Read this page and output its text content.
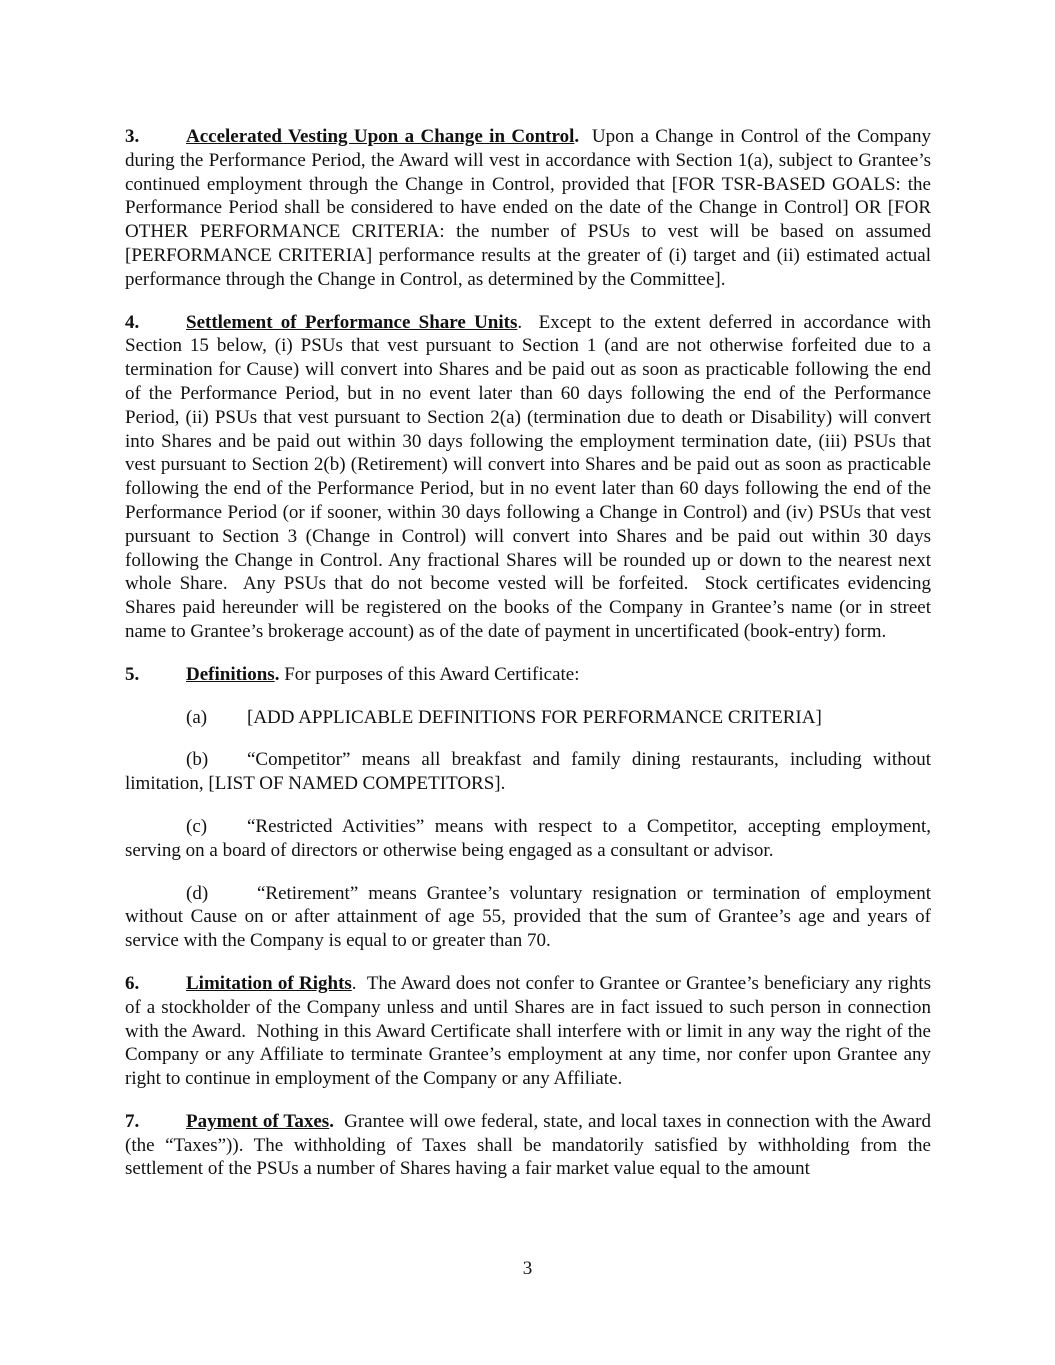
3. Accelerated Vesting Upon a Change in Control.  Upon a Change in Control of the Company during the Performance Period, the Award will vest in accordance with Section 1(a), subject to Grantee’s continued employment through the Change in Control, provided that [FOR TSR-BASED GOALS: the Performance Period shall be considered to have ended on the date of the Change in Control] OR [FOR OTHER PERFORMANCE CRITERIA: the number of PSUs to vest will be based on assumed [PERFORMANCE CRITERIA] performance results at the greater of (i) target and (ii) estimated actual performance through the Change in Control, as determined by the Committee].

4. Settlement of Performance Share Units.  Except to the extent deferred in accordance with Section 15 below, (i) PSUs that vest pursuant to Section 1 (and are not otherwise forfeited due to a termination for Cause) will convert into Shares and be paid out as soon as practicable following the end of the Performance Period, but in no event later than 60 days following the end of the Performance Period, (ii) PSUs that vest pursuant to Section 2(a) (termination due to death or Disability) will convert into Shares and be paid out within 30 days following the employment termination date, (iii) PSUs that vest pursuant to Section 2(b) (Retirement) will convert into Shares and be paid out as soon as practicable following the end of the Performance Period, but in no event later than 60 days following the end of the Performance Period (or if sooner, within 30 days following a Change in Control) and (iv) PSUs that vest pursuant to Section 3 (Change in Control) will convert into Shares and be paid out within 30 days following the Change in Control. Any fractional Shares will be rounded up or down to the nearest next whole Share.  Any PSUs that do not become vested will be forfeited.  Stock certificates evidencing Shares paid hereunder will be registered on the books of the Company in Grantee’s name (or in street name to Grantee’s brokerage account) as of the date of payment in uncertificated (book-entry) form.

5. Definitions. For purposes of this Award Certificate:

(a) [ADD APPLICABLE DEFINITIONS FOR PERFORMANCE CRITERIA]

(b) “Competitor” means all breakfast and family dining restaurants, including without limitation, [LIST OF NAMED COMPETITORS].

(c) “Restricted Activities” means with respect to a Competitor, accepting employment, serving on a board of directors or otherwise being engaged as a consultant or advisor.

(d) “Retirement” means Grantee’s voluntary resignation or termination of employment without Cause on or after attainment of age 55, provided that the sum of Grantee’s age and years of service with the Company is equal to or greater than 70.

6. Limitation of Rights.  The Award does not confer to Grantee or Grantee’s beneficiary any rights of a stockholder of the Company unless and until Shares are in fact issued to such person in connection with the Award.  Nothing in this Award Certificate shall interfere with or limit in any way the right of the Company or any Affiliate to terminate Grantee’s employment at any time, nor confer upon Grantee any right to continue in employment of the Company or any Affiliate.

7. Payment of Taxes.  Grantee will owe federal, state, and local taxes in connection with the Award (the “Taxes”)). The withholding of Taxes shall be mandatorily satisfied by withholding from the settlement of the PSUs a number of Shares having a fair market value equal to the amount

3
